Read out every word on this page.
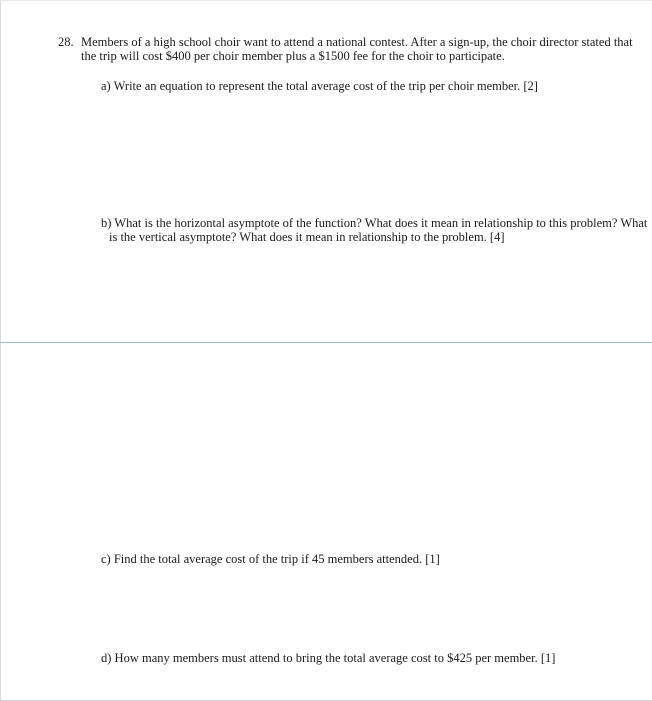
28. Members of a high school choir want to attend a national contest. After a sign-up, the choir director stated that
the trip will cost $400 per choir member plus a $1500 fee for the choir to participate.
a) Write an equation to represent the total average cost of the trip per choir member. [2]
b) What is the horizontal asymptote of the function? What does it mean in relationship to this problem? What
is the vertical asymptote? What does it mean in relationship to the problem. [4]
c) Find the total average cost of the trip if 45 members attended. [1]
d) How many members must attend to bring the total average cost to $425 per member. [1]
